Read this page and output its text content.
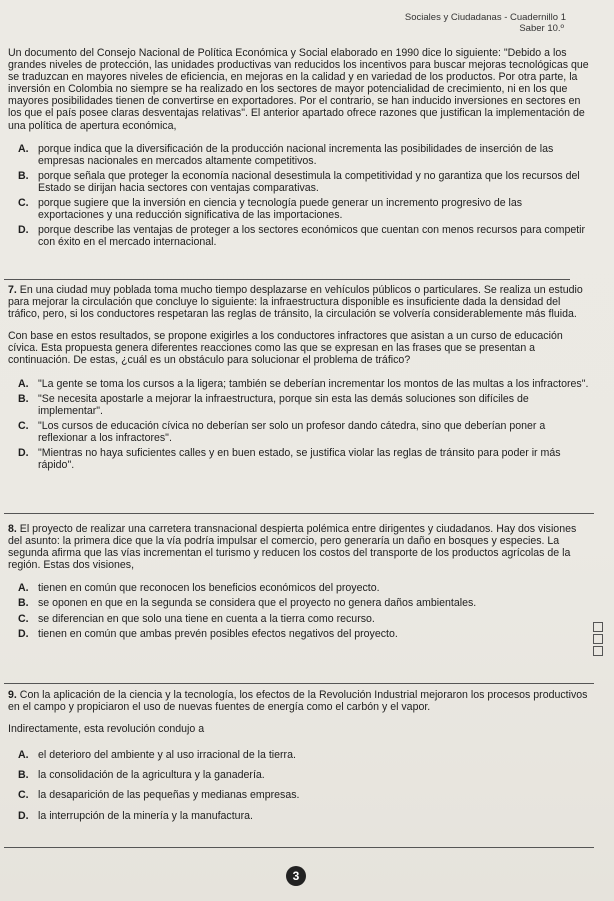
Sociales y Ciudadanas - Cuadernillo 1
Saber 10.º
Un documento del Consejo Nacional de Política Económica y Social elaborado en 1990 dice lo siguiente: "Debido a los grandes niveles de protección, las unidades productivas van reducidos los incentivos para buscar mejoras tecnológicas que se traduzcan en mayores niveles de eficiencia, en mejoras en la calidad y en variedad de los productos. Por otra parte, la inversión en Colombia no siempre se ha realizado en los sectores de mayor potencialidad de crecimiento, ni en los que mayores posibilidades tienen de convertirse en exportadores. Por el contrario, se han inducido inversiones en sectores en los que el país posee claras desventajas relativas". El anterior apartado ofrece razones que justifican la implementación de una política de apertura económica,
A. porque indica que la diversificación de la producción nacional incrementa las posibilidades de inserción de las empresas nacionales en mercados altamente competitivos.
B. porque señala que proteger la economía nacional desestimula la competitividad y no garantiza que los recursos del Estado se dirijan hacia sectores con ventajas comparativas.
C. porque sugiere que la inversión en ciencia y tecnología puede generar un incremento progresivo de las exportaciones y una reducción significativa de las importaciones.
D. porque describe las ventajas de proteger a los sectores económicos que cuentan con menos recursos para competir con éxito en el mercado internacional.
7. En una ciudad muy poblada toma mucho tiempo desplazarse en vehículos públicos o particulares. Se realiza un estudio para mejorar la circulación que concluye lo siguiente: la infraestructura disponible es insuficiente dada la densidad del tráfico, pero, si los conductores respetaran las reglas de tránsito, la circulación se volvería considerablemente más fluida.
Con base en estos resultados, se propone exigirles a los conductores infractores que asistan a un curso de educación cívica. Esta propuesta genera diferentes reacciones como las que se expresan en las frases que se presentan a continuación. De estas, ¿cuál es un obstáculo para solucionar el problema de tráfico?
A. "La gente se toma los cursos a la ligera; también se deberían incrementar los montos de las multas a los infractores".
B. "Se necesita apostarle a mejorar la infraestructura, porque sin esta las demás soluciones son difíciles de implementar".
C. "Los cursos de educación cívica no deberían ser solo un profesor dando cátedra, sino que deberían poner a reflexionar a los infractores".
D. "Mientras no haya suficientes calles y en buen estado, se justifica violar las reglas de tránsito para poder ir más rápido".
8. El proyecto de realizar una carretera transnacional despierta polémica entre dirigentes y ciudadanos. Hay dos visiones del asunto: la primera dice que la vía podría impulsar el comercio, pero generaría un daño en bosques y especies. La segunda afirma que las vías incrementan el turismo y reducen los costos del transporte de los productos agrícolas de la región. Estas dos visiones,
A. tienen en común que reconocen los beneficios económicos del proyecto.
B. se oponen en que en la segunda se considera que el proyecto no genera daños ambientales.
C. se diferencian en que solo una tiene en cuenta a la tierra como recurso.
D. tienen en común que ambas prevén posibles efectos negativos del proyecto.
9. Con la aplicación de la ciencia y la tecnología, los efectos de la Revolución Industrial mejoraron los procesos productivos en el campo y propiciaron el uso de nuevas fuentes de energía como el carbón y el vapor.
Indirectamente, esta revolución condujo a
A. el deterioro del ambiente y al uso irracional de la tierra.
B. la consolidación de la agricultura y la ganadería.
C. la desaparición de las pequeñas y medianas empresas.
D. la interrupción de la minería y la manufactura.
3
